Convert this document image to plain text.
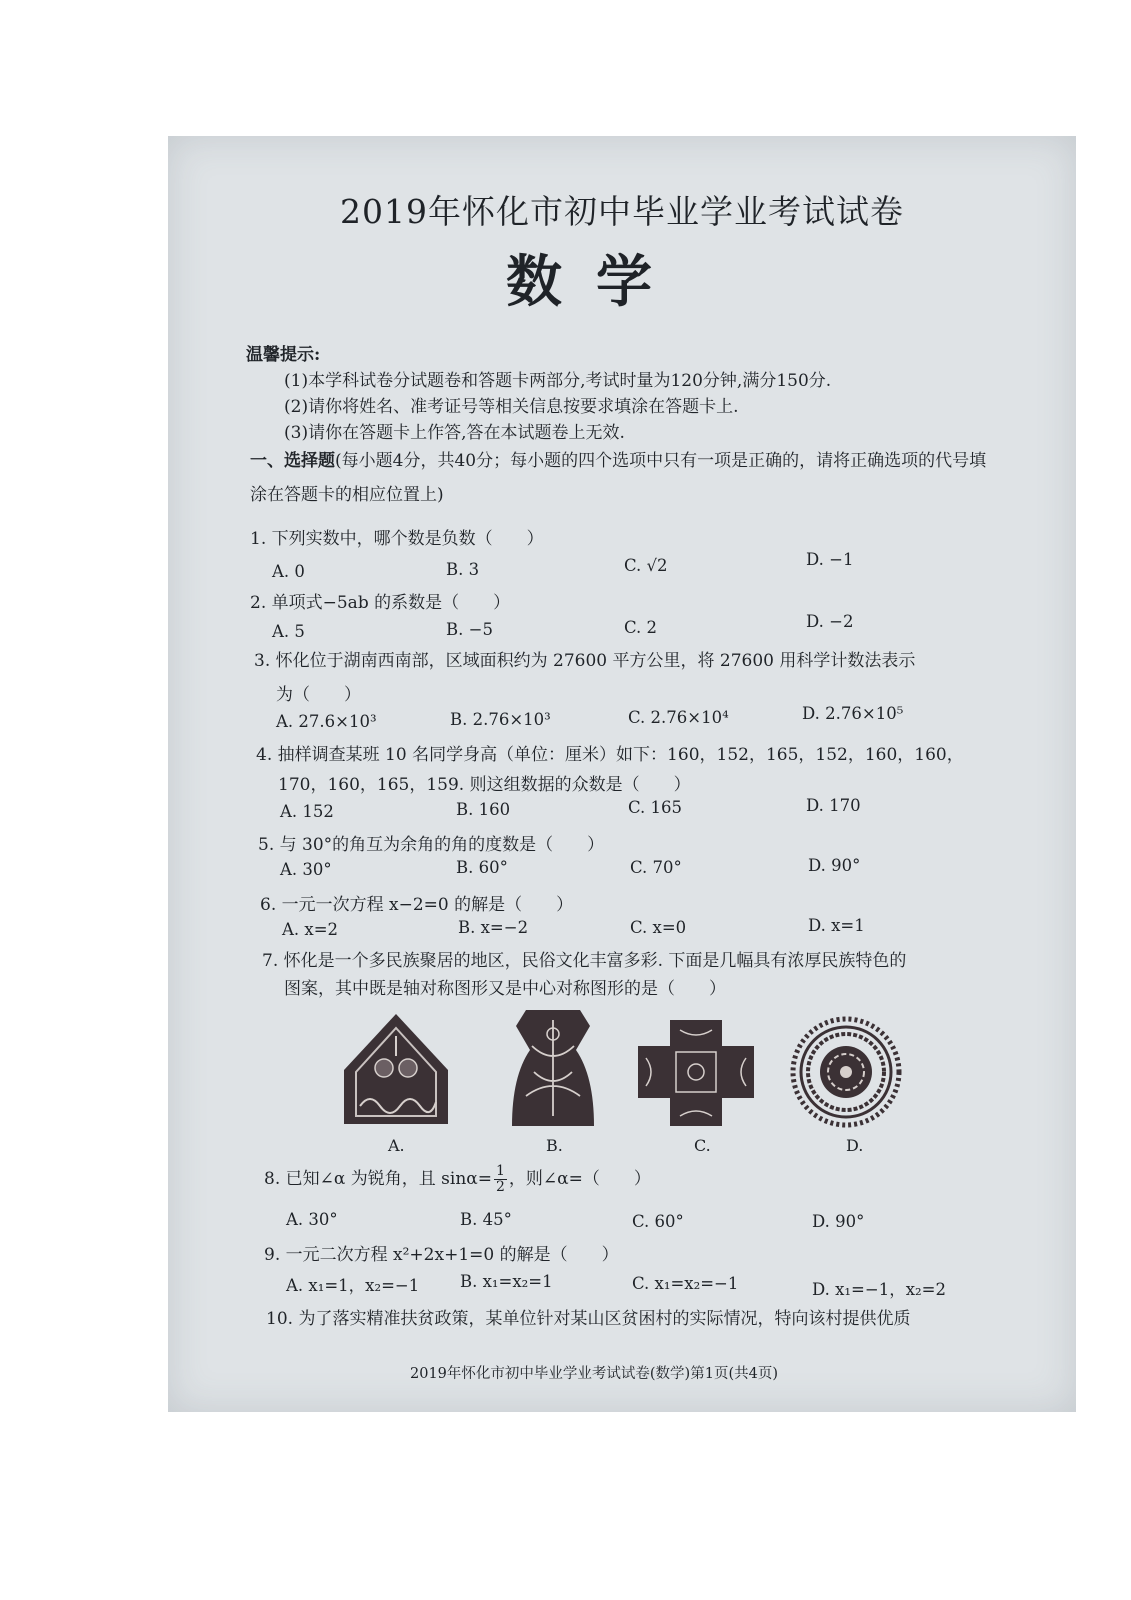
2019年怀化市初中毕业学业考试试卷
数学
温馨提示:
(1)本学科试卷分试题卷和答题卡两部分,考试时量为120分钟,满分150分.
(2)请你将姓名、准考证号等相关信息按要求填涂在答题卡上.
(3)请你在答题卡上作答,答在本试题卷上无效.
一、选择题(每小题4分，共40分；每小题的四个选项中只有一项是正确的，请将正确选项的代号填涂在答题卡的相应位置上)
1. 下列实数中，哪个数是负数（　　）
A. 0	B. 3	C. √2	D. −1
2. 单项式−5ab 的系数是（　　）
A. 5	B. −5	C. 2	D. −2
3. 怀化位于湖南西南部，区域面积约为 27600 平方公里，将 27600 用科学计数法表示
为（　　）
A. 27.6×10³	B. 2.76×10³	C. 2.76×10⁴	D. 2.76×10⁵
4. 抽样调查某班 10 名同学身高（单位：厘米）如下：160，152，165，152，160，160，
170，160，165，159. 则这组数据的众数是（　　）
A. 152	B. 160	C. 165	D. 170
5. 与 30°的角互为余角的角的度数是（　　）
A. 30°	B. 60°	C. 70°	D. 90°
6. 一元一次方程 x−2=0 的解是（　　）
A. x=2	B. x=−2	C. x=0	D. x=1
7. 怀化是一个多民族聚居的地区，民俗文化丰富多彩. 下面是几幅具有浓厚民族特色的
图案，其中既是轴对称图形又是中心对称图形的是（　　）
A.	B.	C.	D.
8. 已知∠α 为锐角，且 $\sin\alpha= \frac{1}{2}$ ，则∠α=（　　）
A. 30°	B. 45°	C. 60°	D. 90°
9. 一元二次方程 x²+2x+1=0 的解是（　　）
A. x₁=1，x₂=−1 B. x₁=x₂=1	C. x₁=x₂=−1	D. x₁=−1，x₂=2
10. 为了落实精准扶贫政策，某单位针对某山区贫困村的实际情况，特向该村提供优质
2019年怀化市初中毕业学业考试试卷(数学)第1页(共4页)
